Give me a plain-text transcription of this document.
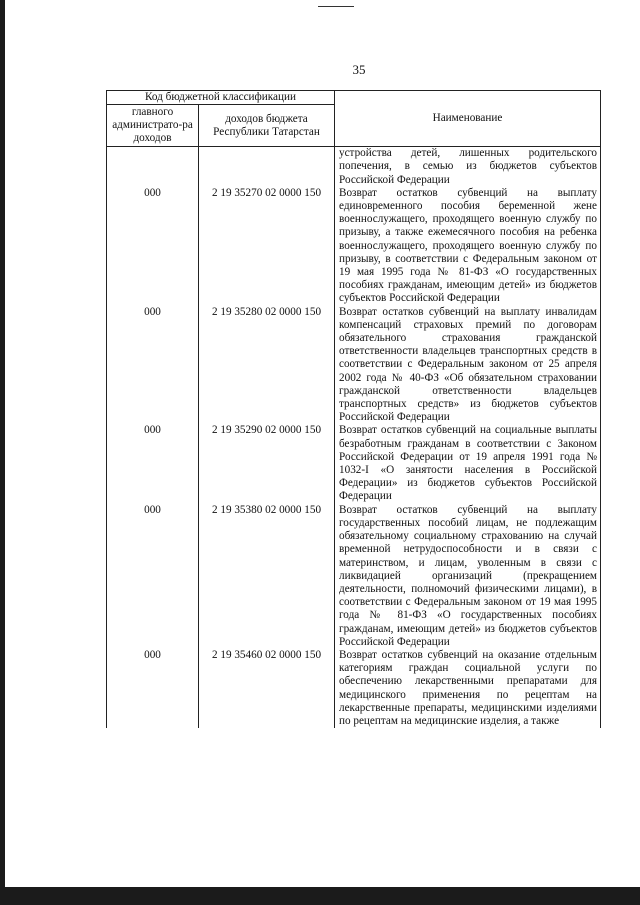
35
Код бюджетной классификации		Наименование
главного администрато-ра доходов	доходов бюджета Республики Татарстан	
		устройства детей, лишенных родительского попечения, в семью из бюджетов субъектов Российской Федерации
000	2 19 35270 02 0000 150	Возврат остатков субвенций на выплату единовременного пособия беременной жене военнослужащего, проходящего военную службу по призыву, а также ежемесячного пособия на ребенка военнослужащего, проходящего военную службу по призыву, в соответствии с Федеральным законом от 19 мая 1995 года № 81-ФЗ «О государственных пособиях гражданам, имеющим детей» из бюджетов субъектов Российской Федерации
000	2 19 35280 02 0000 150	Возврат остатков субвенций на выплату инвалидам компенсаций страховых премий по договорам обязательного страхования гражданской ответственности владельцев транспортных средств в соответствии с Федеральным законом от 25 апреля 2002 года № 40-ФЗ «Об обязательном страховании гражданской ответственности владельцев транспортных средств» из бюджетов субъектов Российской Федерации
000	2 19 35290 02 0000 150	Возврат остатков субвенций на социальные выплаты безработным гражданам в соответствии с Законом Российской Федерации от 19 апреля 1991 года № 1032-I «О занятости населения в Российской Федерации» из бюджетов субъектов Российской Федерации
000	2 19 35380 02 0000 150	Возврат остатков субвенций на выплату государственных пособий лицам, не подлежащим обязательному социальному страхованию на случай временной нетрудоспособности и в связи с материнством, и лицам, уволенным в связи с ликвидацией организаций (прекращением деятельности, полномочий физическими лицами), в соответствии с Федеральным законом от 19 мая 1995 года № 81-ФЗ «О государственных пособиях гражданам, имеющим детей» из бюджетов субъектов Российской Федерации
000	2 19 35460 02 0000 150	Возврат остатков субвенций на оказание отдельным категориям граждан социальной услуги по обеспечению лекарственными препаратами для медицинского применения по рецептам на лекарственные препараты, медицинскими изделиями по рецептам на медицинские изделия, а также
